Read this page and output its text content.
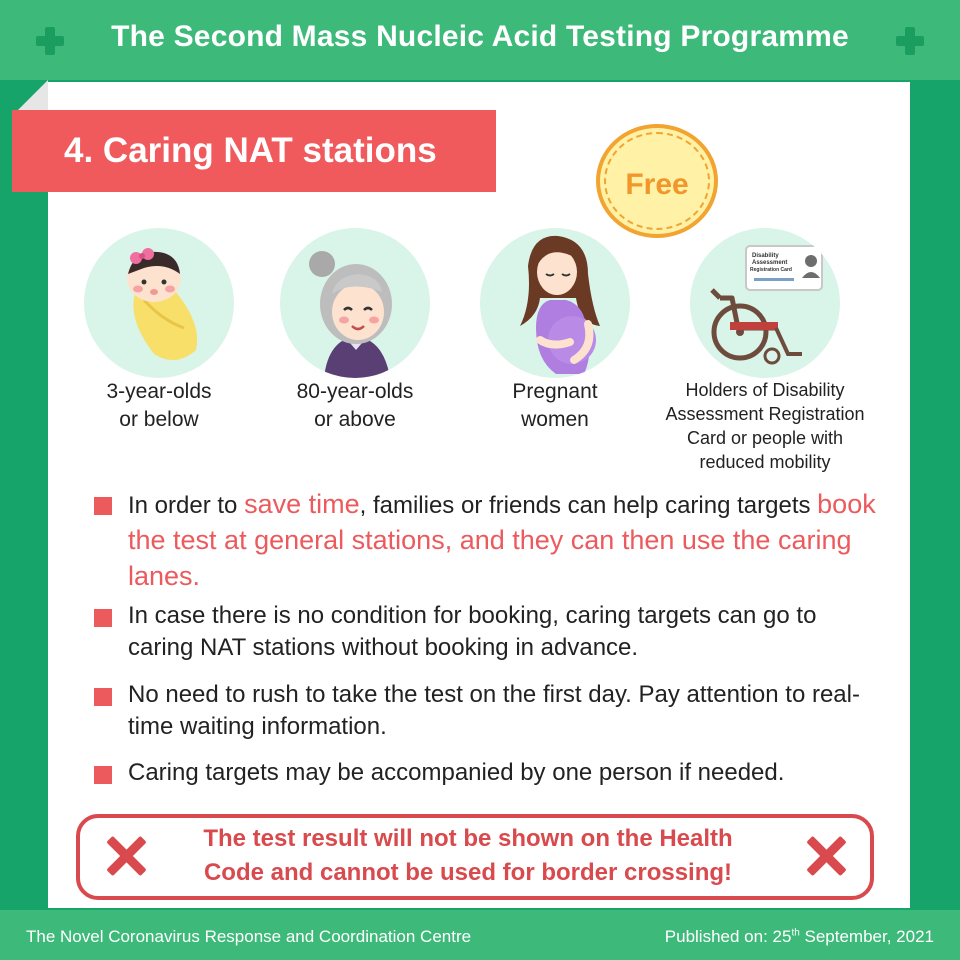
The Second Mass Nucleic Acid Testing Programme
4. Caring NAT stations
Free
3-year-olds
or below
80-year-olds
or above
Pregnant
women
Disability
Assessment
Registration Card
Holders of Disability
Assessment Registration
Card or people with
reduced mobility
In order to save time, families or friends can help caring targets book the test at general stations, and they can then use the caring lanes.
In case there is no condition for booking, caring targets can go to caring NAT stations without booking in advance.
No need to rush to take the test on the first day. Pay attention to real-time waiting information.
Caring targets may be accompanied by one person if needed.
The test result will not be shown on the Health
Code and cannot be used for border crossing!
The Novel Coronavirus Response and Coordination Centre	Published on: 25th September, 2021
